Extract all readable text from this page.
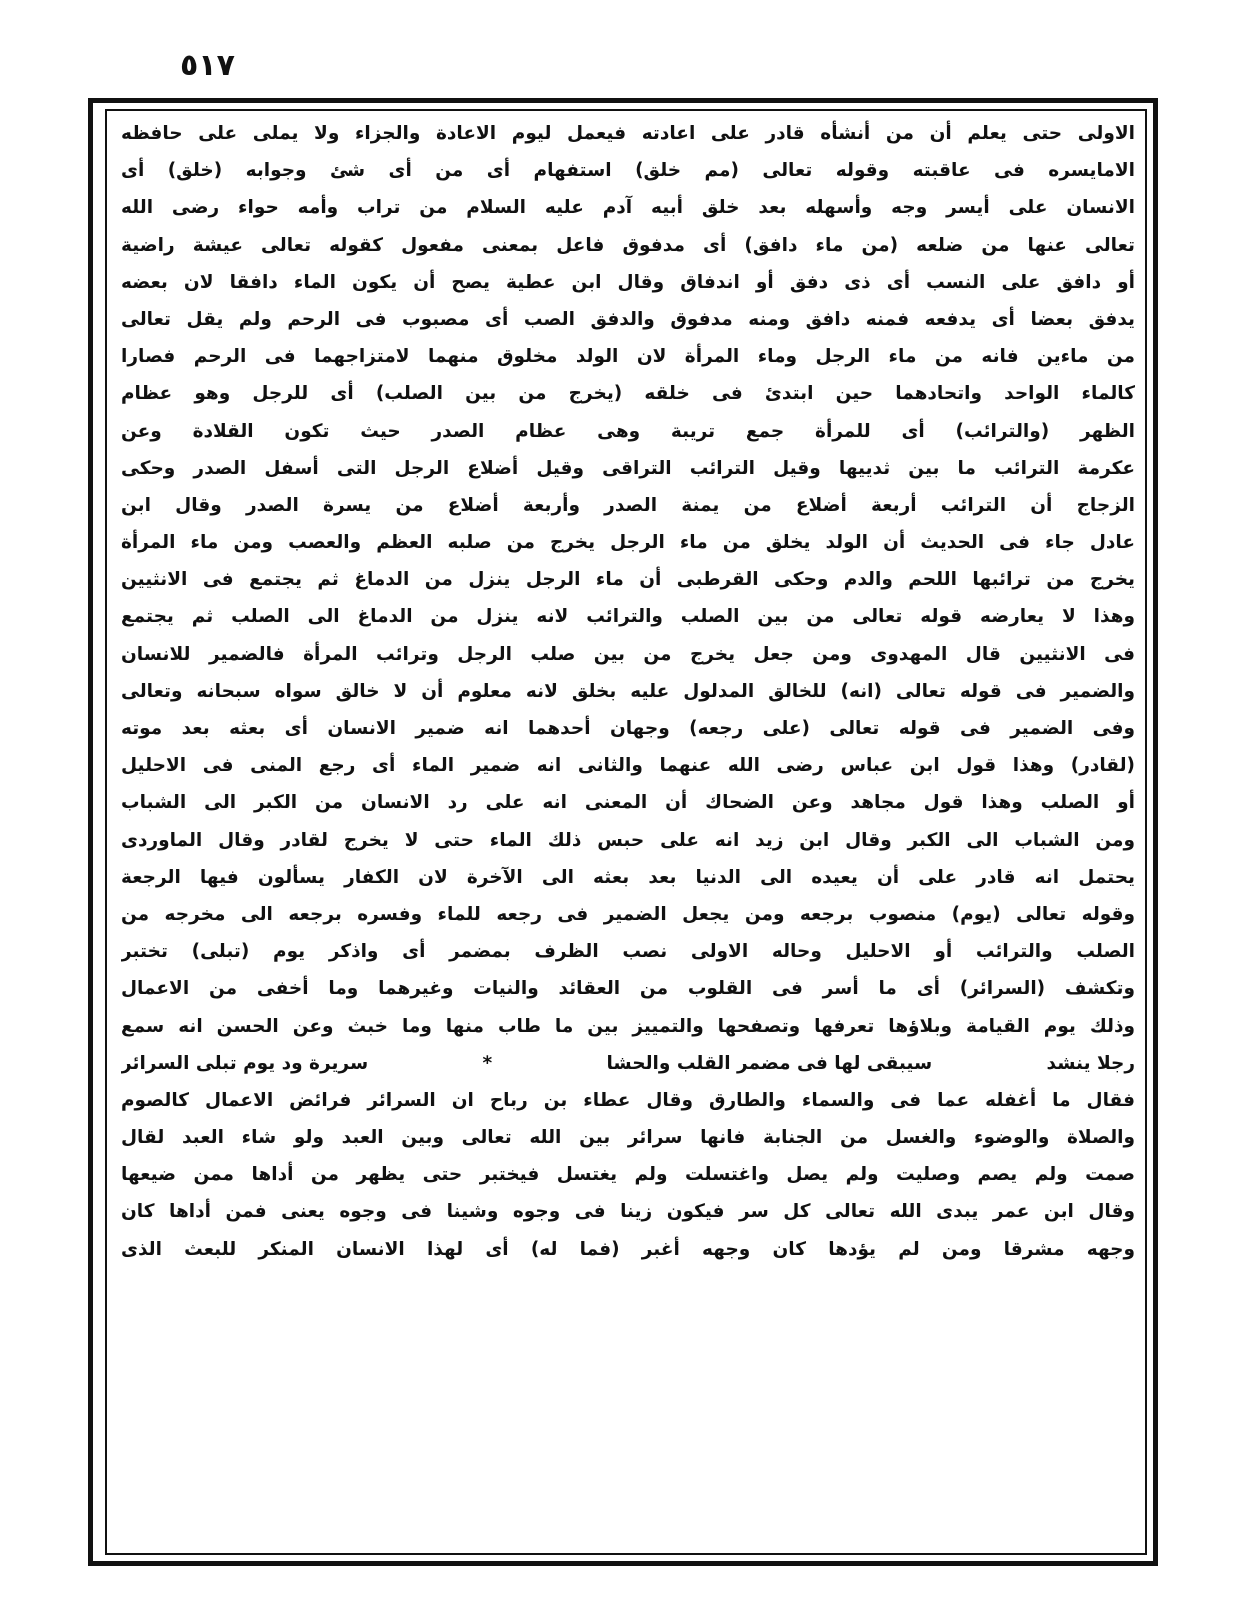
٥١٧
الاولى حتى يعلم أن من أنشأه قادر على اعادته فيعمل ليوم الاعادة والجزاء ولا يملى على حافظه
الامايسره فى عاقبته وقوله تعالى (مم خلق) استفهام أى من أى شئ وجوابه (خلق) أى
الانسان على أيسر وجه وأسهله بعد خلق أبيه آدم عليه السلام من تراب وأمه حواء رضى الله
تعالى عنها من ضلعه (من ماء دافق) أى مدفوق فاعل بمعنى مفعول كقوله تعالى عيشة راضية
أو دافق على النسب أى ذى دفق أو اندفاق وقال ابن عطية يصح أن يكون الماء دافقا لان بعضه
يدفق بعضا أى يدفعه فمنه دافق ومنه مدفوق والدفق الصب أى مصبوب فى الرحم ولم يقل تعالى
من ماءين فانه من ماء الرجل وماء المرأة لان الولد مخلوق منهما لامتزاجهما فى الرحم فصارا
كالماء الواحد واتحادهما حين ابتدئ فى خلقه (يخرج من بين الصلب) أى للرجل وهو عظام
الظهر (والترائب) أى للمرأة جمع تريبة وهى عظام الصدر حيث تكون القلادة وعن
عكرمة الترائب ما بين ثدييها وقيل الترائب التراقى وقيل أضلاع الرجل التى أسفل الصدر وحكى
الزجاج أن الترائب أربعة أضلاع من يمنة الصدر وأربعة أضلاع من يسرة الصدر وقال ابن
عادل جاء فى الحديث أن الولد يخلق من ماء الرجل يخرج من صلبه العظم والعصب ومن ماء المرأة
يخرج من ترائبها اللحم والدم وحكى القرطبى أن ماء الرجل ينزل من الدماغ ثم يجتمع فى الانثيين
وهذا لا يعارضه قوله تعالى من بين الصلب والترائب لانه ينزل من الدماغ الى الصلب ثم يجتمع
فى الانثيين قال المهدوى ومن جعل يخرج من بين صلب الرجل وترائب المرأة فالضمير للانسان
والضمير فى قوله تعالى (انه) للخالق المدلول عليه بخلق لانه معلوم أن لا خالق سواه سبحانه وتعالى
وفى الضمير فى قوله تعالى (على رجعه) وجهان أحدهما انه ضمير الانسان أى بعثه بعد موته
(لقادر) وهذا قول ابن عباس رضى الله عنهما والثانى انه ضمير الماء أى رجع المنى فى الاحليل
أو الصلب وهذا قول مجاهد وعن الضحاك أن المعنى انه على رد الانسان من الكبر الى الشباب
ومن الشباب الى الكبر وقال ابن زيد انه على حبس ذلك الماء حتى لا يخرج لقادر وقال الماوردى
يحتمل انه قادر على أن يعيده الى الدنيا بعد بعثه الى الآخرة لان الكفار يسألون فيها الرجعة
وقوله تعالى (يوم) منصوب برجعه ومن يجعل الضمير فى رجعه للماء وفسره برجعه الى مخرجه من
الصلب والترائب أو الاحليل وحاله الاولى نصب الظرف بمضمر أى واذكر يوم (تبلى) تختبر
وتكشف (السرائر) أى ما أسر فى القلوب من العقائد والنيات وغيرهما وما أخفى من الاعمال
وذلك يوم القيامة وبلاؤها تعرفها وتصفحها والتمييز بين ما طاب منها وما خبث وعن الحسن انه سمع
رجلا ينشد
سيبقى لها فى مضمر القلب والحشا
*
سريرة ود يوم تبلى السرائر
فقال ما أغفله عما فى والسماء والطارق وقال عطاء بن رباح ان السرائر فرائض الاعمال كالصوم
والصلاة والوضوء والغسل من الجنابة فانها سرائر بين الله تعالى وبين العبد ولو شاء العبد لقال
صمت ولم يصم وصليت ولم يصل واغتسلت ولم يغتسل فيختبر حتى يظهر من أداها ممن ضيعها
وقال ابن عمر يبدى الله تعالى كل سر فيكون زينا فى وجوه وشينا فى وجوه يعنى فمن أداها كان
وجهه مشرقا ومن لم يؤدها كان وجهه أغبر (فما له) أى لهذا الانسان المنكر للبعث الذى
